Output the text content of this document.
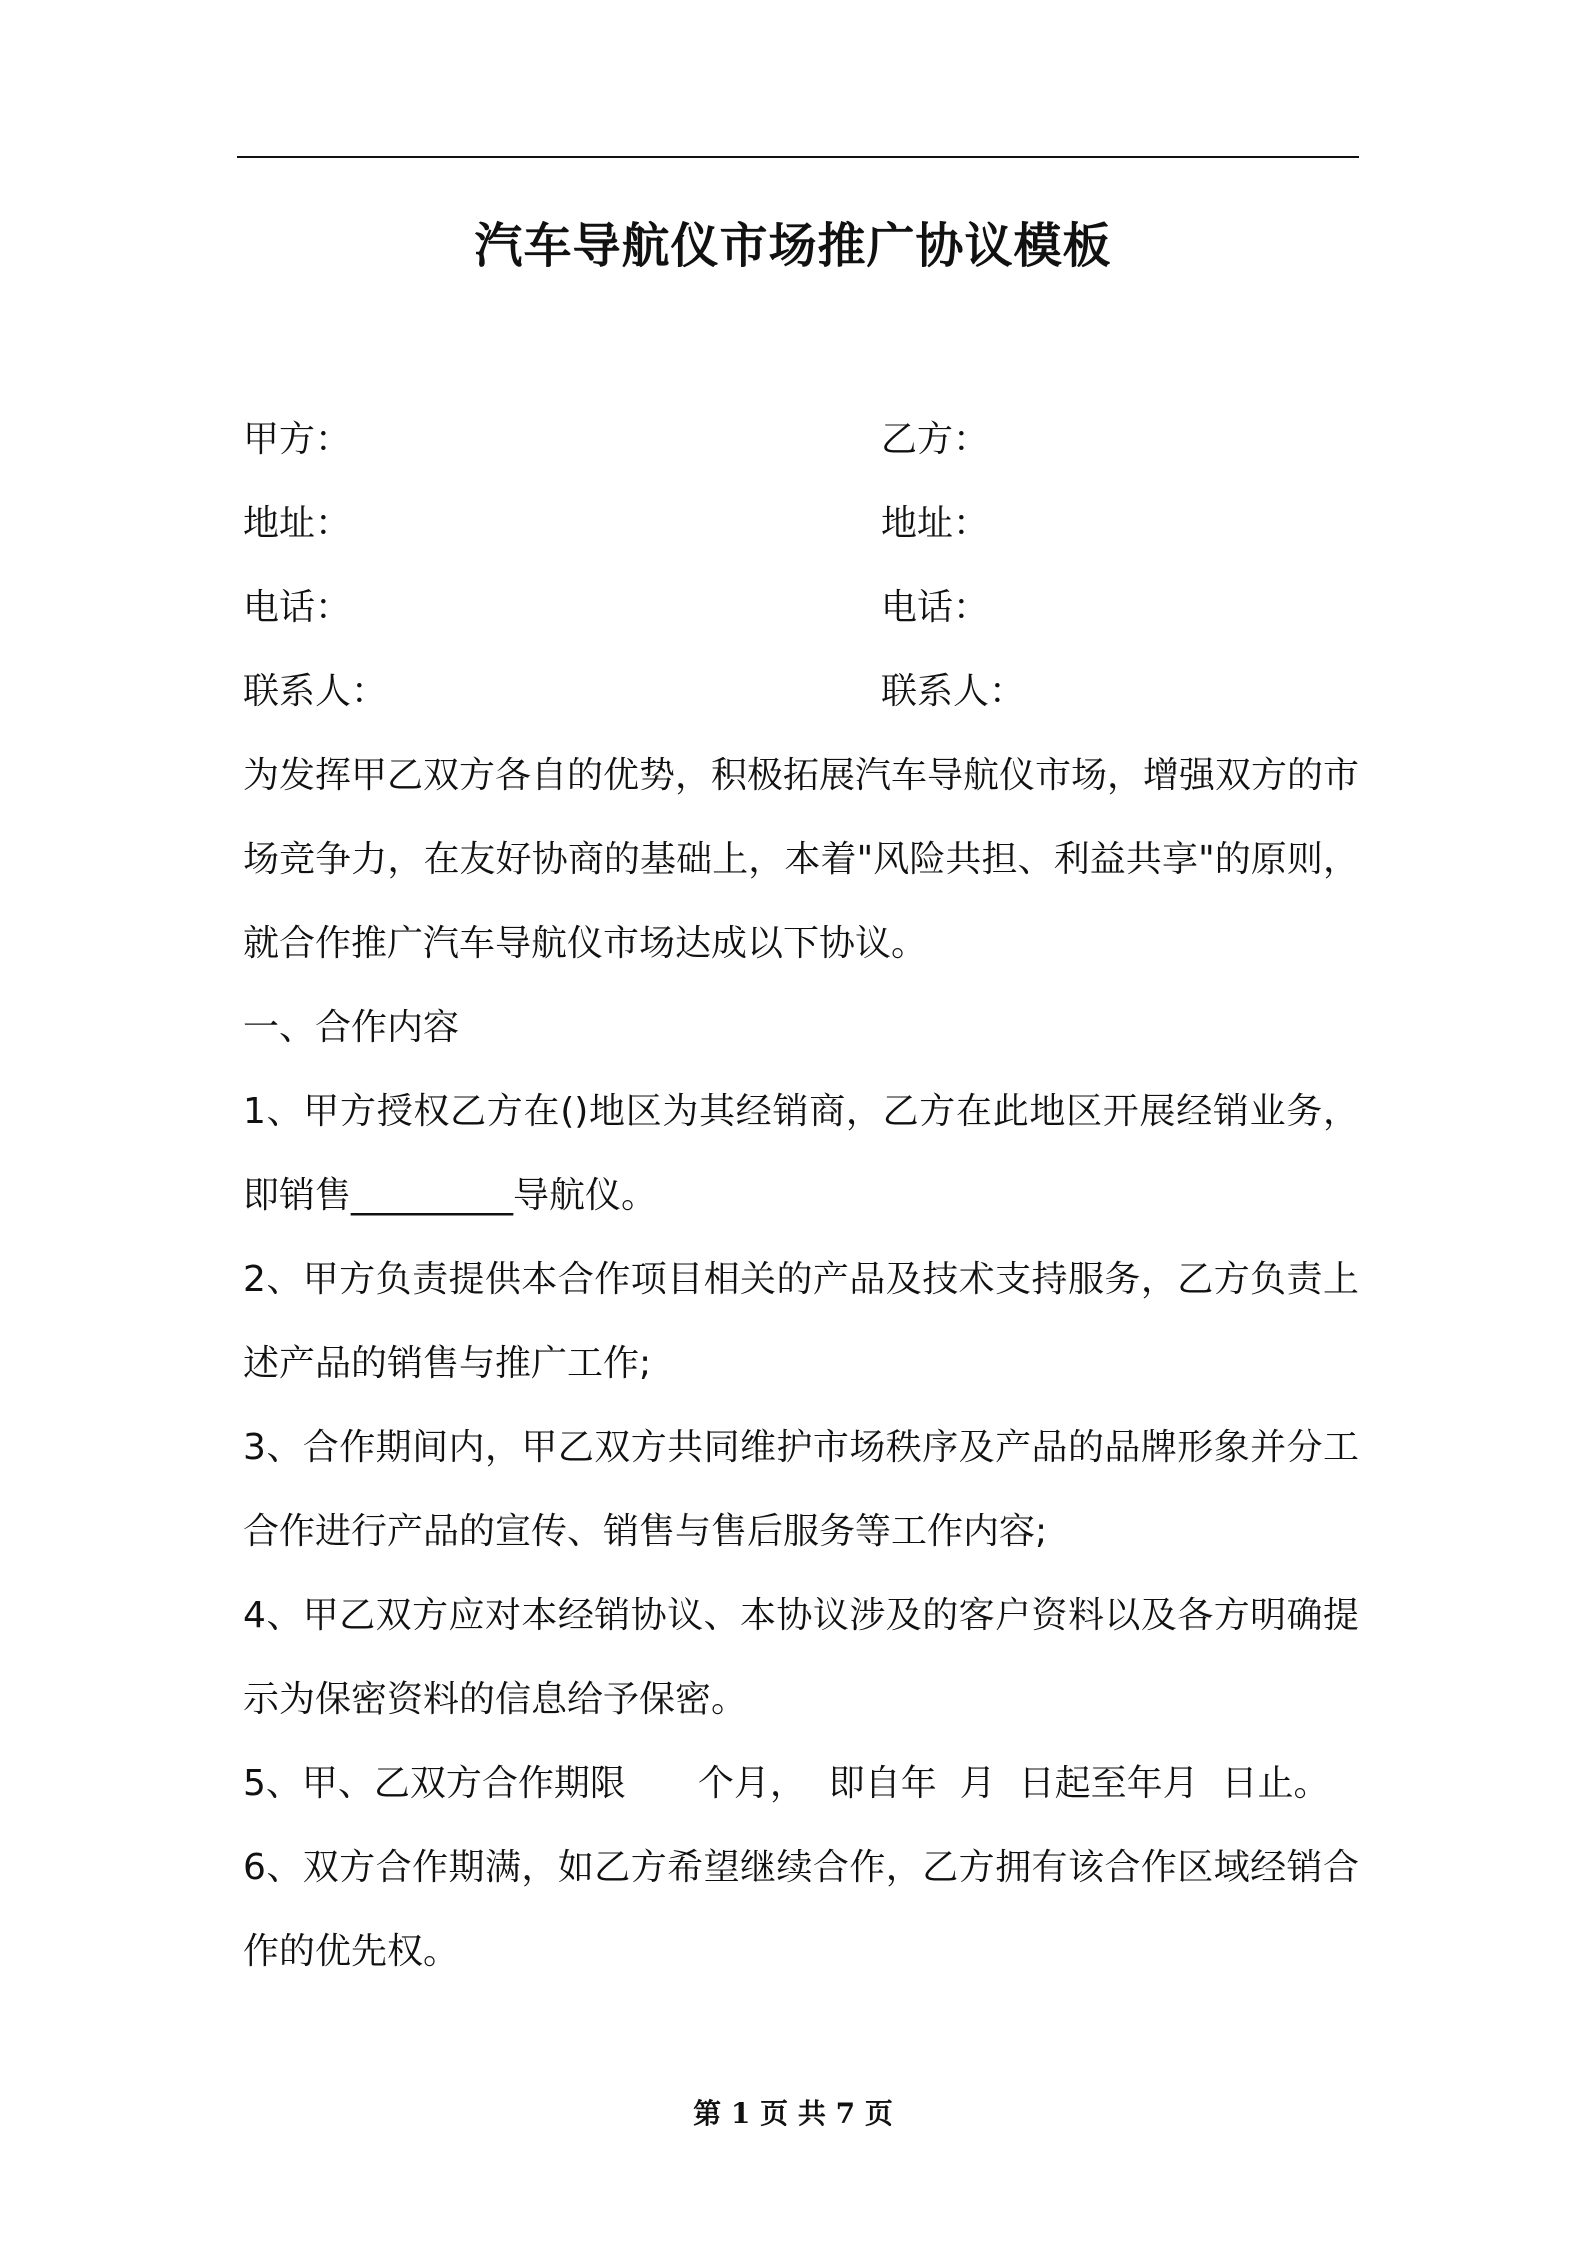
汽车导航仪市场推广协议模板
甲方：	乙方：
地址：	地址：
电话：	电话：
联系人：	联系人：

为发挥甲乙双方各自的优势，积极拓展汽车导航仪市场，增强双方的市场竞争力，在友好协商的基础上，本着"风险共担、利益共享"的原则，就合作推广汽车导航仪市场达成以下协议。

一、合作内容

1、甲方授权乙方在()地区为其经销商，乙方在此地区开展经销业务，即销售_________导航仪。

2、甲方负责提供本合作项目相关的产品及技术支持服务，乙方负责上述产品的销售与推广工作;

3、合作期间内，甲乙双方共同维护市场秩序及产品的品牌形象并分工合作进行产品的宣传、销售与售后服务等工作内容;

4、甲乙双方应对本经销协议、本协议涉及的客户资料以及各方明确提示为保密资料的信息给予保密。

5、甲、乙双方合作期限　　个月，  即自年  月  日起至年月  日止。

6、双方合作期满，如乙方希望继续合作，乙方拥有该合作区域经销合作的优先权。

第 1 页 共 7 页
